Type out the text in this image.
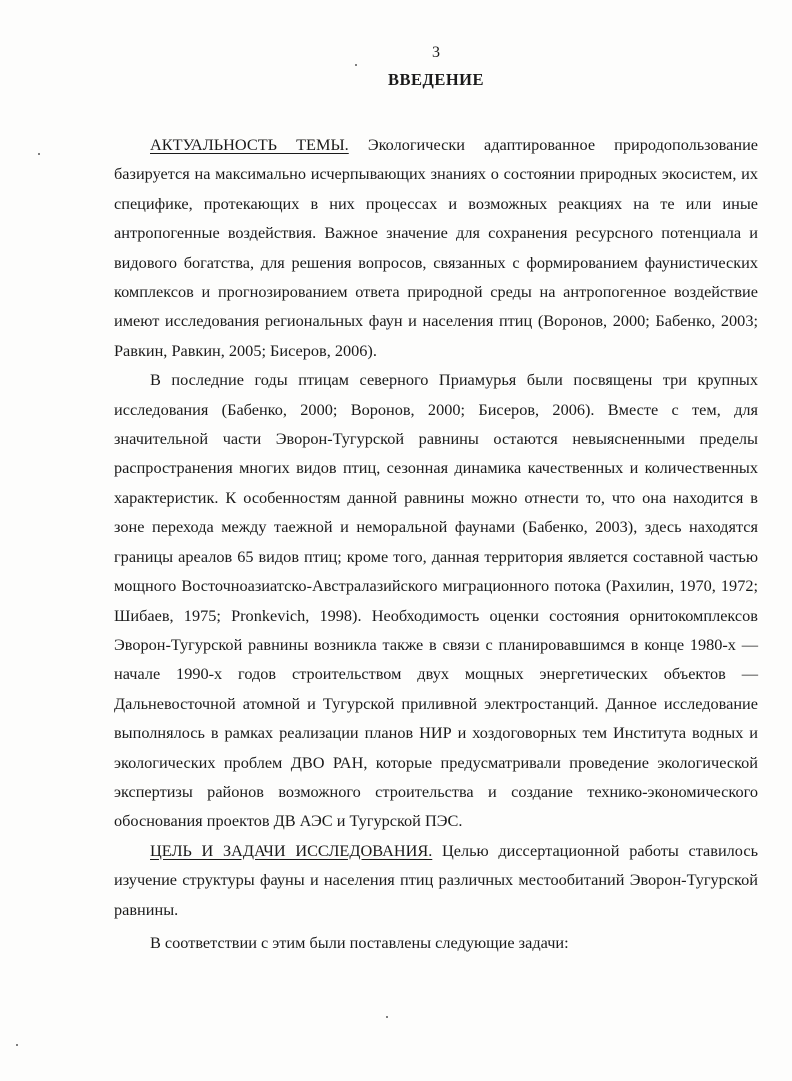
3
ВВЕДЕНИЕ

АКТУАЛЬНОСТЬ ТЕМЫ. Экологически адаптированное природопользование базируется на максимально исчерпывающих знаниях о состоянии природных экосистем, их специфике, протекающих в них процессах и возможных реакциях на те или иные антропогенные воздействия. Важное значение для сохранения ресурсного потенциала и видового богатства, для решения вопросов, связанных с формированием фаунистических комплексов и прогнозированием ответа природной среды на антропогенное воздействие имеют исследования региональных фаун и населения птиц (Воронов, 2000; Бабенко, 2003; Равкин, Равкин, 2005; Бисеров, 2006).

В последние годы птицам северного Приамурья были посвящены три крупных исследования (Бабенко, 2000; Воронов, 2000; Бисеров, 2006). Вместе с тем, для значительной части Эворон-Тугурской равнины остаются невыясненными пределы распространения многих видов птиц, сезонная динамика качественных и количественных характеристик. К особенностям данной равнины можно отнести то, что она находится в зоне перехода между таежной и неморальной фаунами (Бабенко, 2003), здесь находятся границы ареалов 65 видов птиц; кроме того, данная территория является составной частью мощного Восточноазиатско-Австралазийского миграционного потока (Рахилин, 1970, 1972; Шибаев, 1975; Pronkevich, 1998). Необходимость оценки состояния орнитокомплексов Эворон-Тугурской равнины возникла также в связи с планировавшимся в конце 1980-х — начале 1990-х годов строительством двух мощных энергетических объектов — Дальневосточной атомной и Тугурской приливной электростанций. Данное исследование выполнялось в рамках реализации планов НИР и хоздоговорных тем Института водных и экологических проблем ДВО РАН, которые предусматривали проведение экологической экспертизы районов возможного строительства и создание технико-экономического обоснования проектов ДВ АЭС и Тугурской ПЭС.

ЦЕЛЬ И ЗАДАЧИ ИССЛЕДОВАНИЯ. Целью диссертационной работы ставилось изучение структуры фауны и населения птиц различных местообитаний Эворон-Тугурской равнины.

В соответствии с этим были поставлены следующие задачи:
